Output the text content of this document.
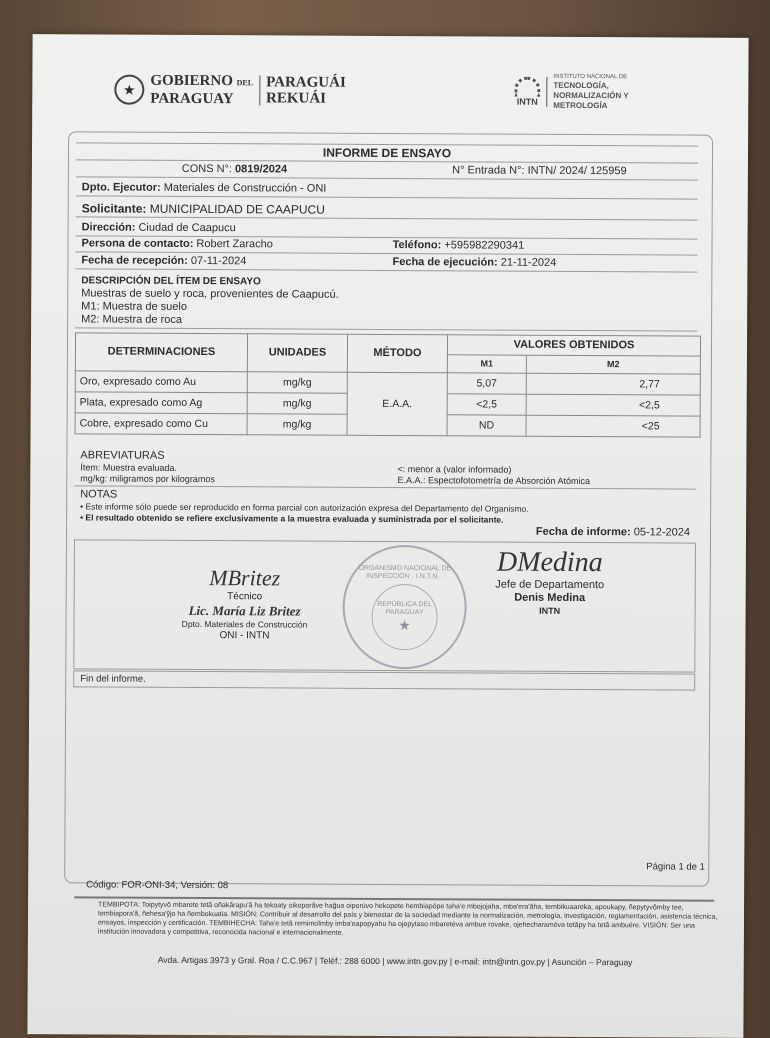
★ GOBIERNO DEL
PARAGUAY
PARAGUÁI
REKUÁI	INTN
INSTITUTO NACIONAL DE
TECNOLOGÍA,
NORMALIZACIÓN Y
METROLOGÍA
INFORME DE ENSAYO
CONS N°: 0819/2024	N° Entrada N°: INTN/ 2024/ 125959
Dpto. Ejecutor: Materiales de Construcción - ONI
Solicitante: MUNICIPALIDAD DE CAAPUCU
Dirección: Ciudad de Caapucu
Persona de contacto: Robert Zaracho	Teléfono: +595982290341
Fecha de recepción: 07-11-2024	Fecha de ejecución: 21-11-2024
DESCRIPCIÓN DEL ÍTEM DE ENSAYO
Muestras de suelo y roca, provenientes de Caapucú.
M1: Muestra de suelo
M2: Muestra de roca
DETERMINACIONES	UNIDADES	MÉTODO	VALORES OBTENIDOS	
			M1	M2
Oro, expresado como Au	mg/kg	E.A.A.	5,07	2,77
Plata, expresado como Ag	mg/kg		<2,5	<2,5
Cobre, expresado como Cu	mg/kg		ND	<25
ABREVIATURAS
Ítem: Muestra evaluada.
mg/kg: miligramos por kilogramos
<: menor a (valor informado)
E.A.A.: Espectofotometría de Absorción Atómica
NOTAS
• Este informe sólo puede ser reproducido en forma parcial con autorización expresa del Departamento del Organismo.
• El resultado obtenido se refiere exclusivamente a la muestra evaluada y suministrada por el solicitante.
Fecha de informe: 05-12-2024
MBritez
Técnico
Lic. María Liz Britez
Dpto. Materiales de Construcción
ONI - INTN
ORGANISMO NACIONAL DE INSPECCIÓN · I.N.T.N. ·
REPÚBLICA DEL PARAGUAY
★
DMedina
Jefe de Departamento
Denis Medina
INTN
Fin del informe.
Página 1 de 1
Código: FOR-ONI-34, Versión: 08
TEMBIPOTA: Toipytyvõ mbarete tetã oñakãrapu'ã ha tekoaty oikoporãve hağua oiporúvo hekopete hembiapópe taha'e mbojojaha, mba'era'ãha, tembikuaareka, apoukapy, ñepytyvõmby tee, tembiapora'ã, ñehesa'ỹjo ha ñembokuatia. MISIÓN: Contribuir al desarrollo del país y bienestar de la sociedad mediante la normalización, metrología, investigación, reglamentación, asistencia técnica, ensayos, inspección y certificación. TEMBIHECHA: Taha'e tetã remimoĩmby imba'eapopyahu ha ojepytaso mbaretéva ambue rovake, ojehecharamóva tetãpy ha tetã ambuére. VISIÓN: Ser una institución innovadora y competitiva, reconocida nacional e internacionalmente.
Avda. Artigas 3973 y Gral. Roa / C.C.967 | Teléf.: 288 6000 | www.intn.gov.py | e-mail: intn@intn.gov.py | Asunción – Paraguay
